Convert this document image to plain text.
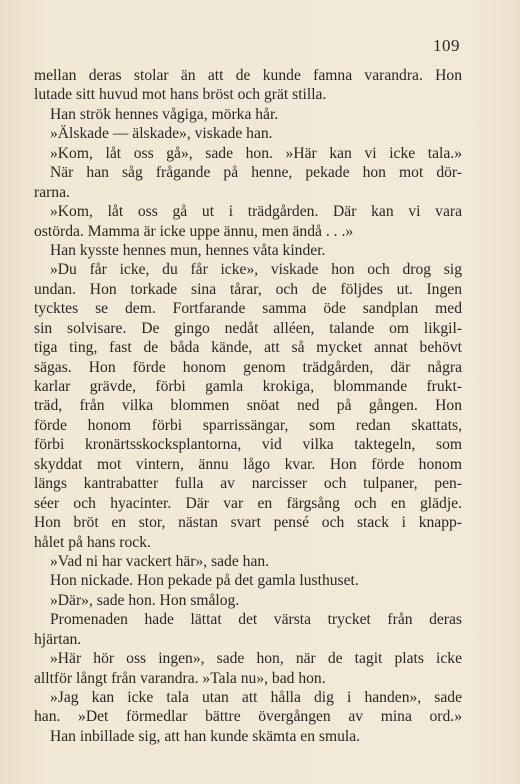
109
mellan deras stolar än att de kunde famna varandra. Hon
lutade sitt huvud mot hans bröst och grät stilla.
Han strök hennes vågiga, mörka hår.
»Älskade — älskade», viskade han.
»Kom, låt oss gå», sade hon. »Här kan vi icke tala.»
När han såg frågande på henne, pekade hon mot dör-
rarna.
»Kom, låt oss gå ut i trädgården. Där kan vi vara
ostörda. Mamma är icke uppe ännu, men ändå . . .»
Han kysste hennes mun, hennes våta kinder.
»Du får icke, du får icke», viskade hon och drog sig
undan. Hon torkade sina tårar, och de följdes ut. Ingen
tycktes se dem. Fortfarande samma öde sandplan med
sin solvisare. De gingo nedåt alléen, talande om likgil-
tiga ting, fast de båda kände, att så mycket annat behövt
sägas. Hon förde honom genom trädgården, där några
karlar grävde, förbi gamla krokiga, blommande frukt-
träd, från vilka blommen snöat ned på gången. Hon
förde honom förbi sparrissängar, som redan skattats,
förbi kronärtsskocksplantorna, vid vilka taktegeln, som
skyddat mot vintern, ännu lågo kvar. Hon förde honom
längs kantrabatter fulla av narcisser och tulpaner, pen-
séer och hyacinter. Där var en färgsång och en glädje.
Hon bröt en stor, nästan svart pensé och stack i knapp-
hålet på hans rock.
»Vad ni har vackert här», sade han.
Hon nickade. Hon pekade på det gamla lusthuset.
»Där», sade hon. Hon smålog.
Promenaden hade lättat det värsta trycket från deras
hjärtan.
»Här hör oss ingen», sade hon, när de tagit plats icke
alltför långt från varandra. »Tala nu», bad hon.
»Jag kan icke tala utan att hålla dig i handen», sade
han. »Det förmedlar bättre övergången av mina ord.»
Han inbillade sig, att han kunde skämta en smula.
